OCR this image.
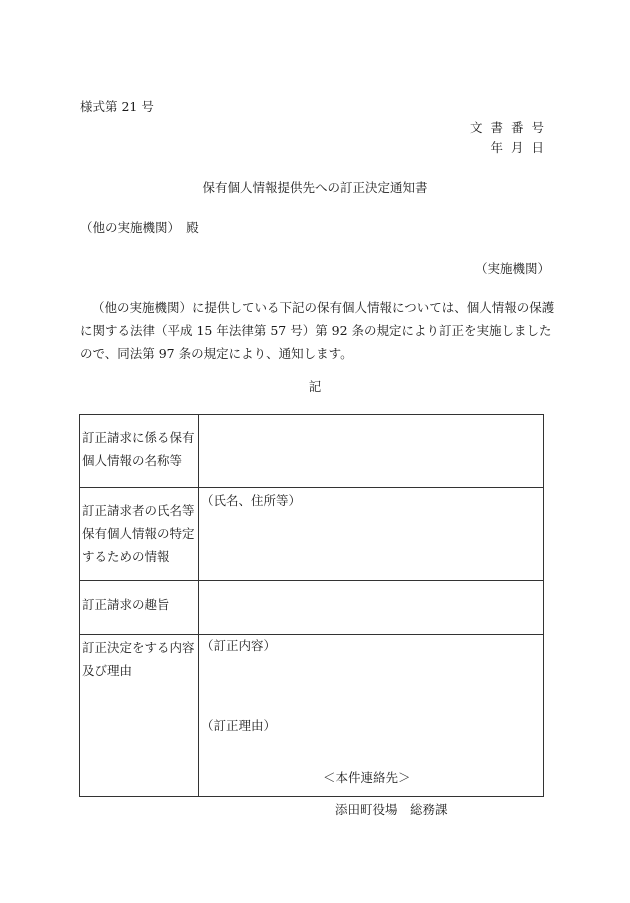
様式第 21 号
文書番号
年月日
保有個人情報提供先への訂正決定通知書
（他の実施機関）　殿
（実施機関）
（他の実施機関）に提供している下記の保有個人情報については、個人情報の保護に関する法律（平成 15 年法律第 57 号）第 92 条の規定により訂正を実施しましたので、同法第 97 条の規定により、通知します。
記
訂正請求に係る保有個人情報の名称等	
訂正請求者の氏名等保有個人情報の特定するための情報	（氏名、住所等）
訂正請求の趣旨	
訂正決定をする内容及び理由	（訂正内容）
（訂正理由）
＜本件連絡先＞
添田町役場　総務課
